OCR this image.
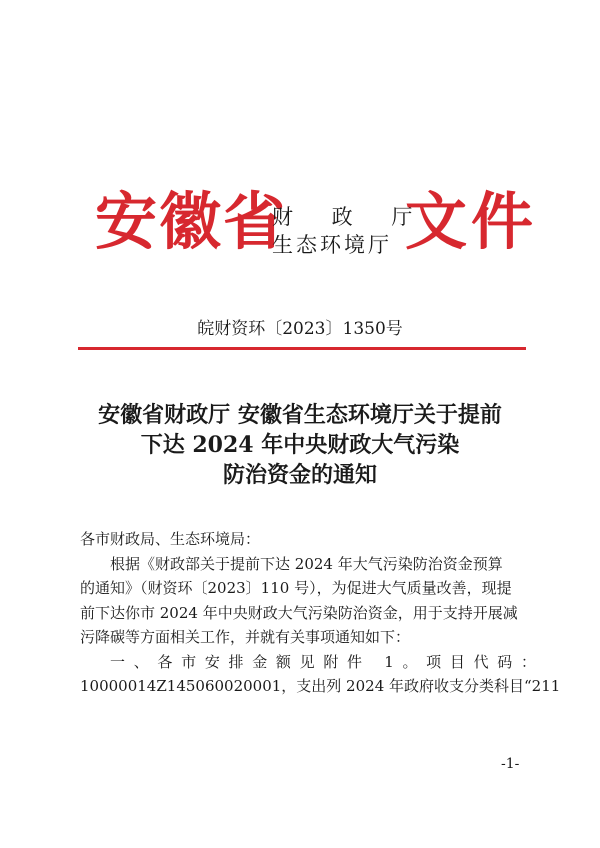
安徽省
财 政 厅
生态环境厅 文件
皖财资环〔2023〕1350号
安徽省财政厅 安徽省生态环境厅关于提前
下达 2024 年中央财政大气污染
防治资金的通知

各市财政局、生态环境局：

根据《财政部关于提前下达 2024 年大气污染防治资金预算
的通知》（财资环〔2023〕110 号），为促进大气质量改善，现提
前下达你市 2024 年中央财政大气污染防治资金，用于支持开展减
污降碳等方面相关工作，并就有关事项通知如下：

一、各市安排金额见附件 1。项目代码：
10000014Z145060020001，支出列 2024 年政府收支分类科目“211

-1-
